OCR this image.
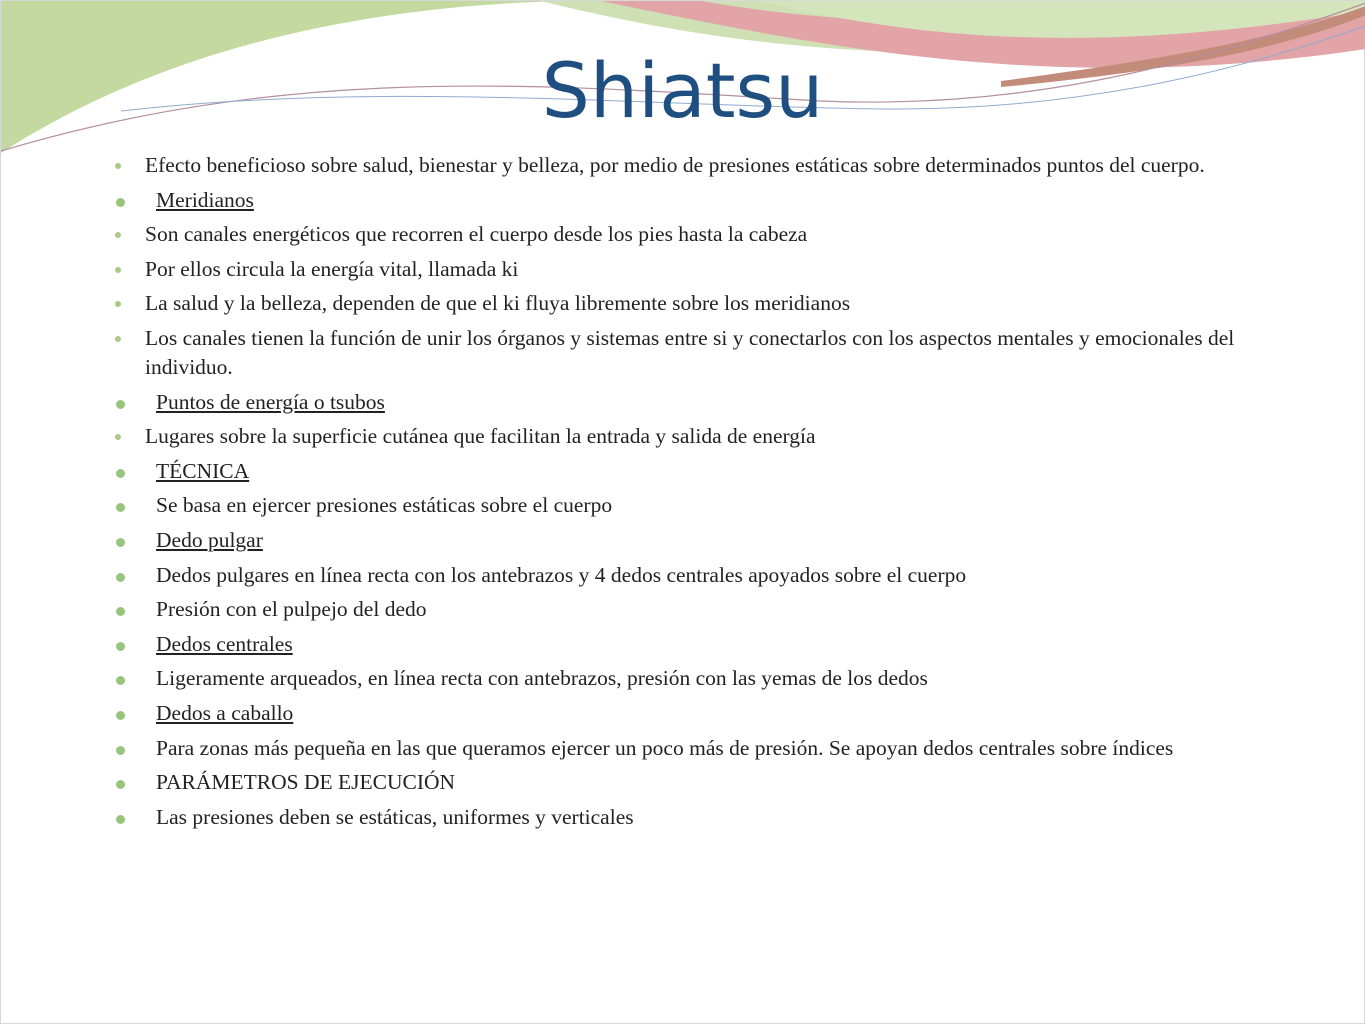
Shiatsu
Efecto beneficioso sobre salud, bienestar y belleza, por medio de presiones estáticas sobre determinados puntos del cuerpo.
Meridianos
Son canales energéticos que recorren el cuerpo desde los pies hasta la cabeza
Por ellos circula la energía vital, llamada ki
La salud y la belleza, dependen de que el ki fluya libremente sobre los meridianos
Los canales tienen la función de unir los órganos y sistemas entre si y conectarlos con los aspectos mentales y emocionales del individuo.
Puntos de energía o tsubos
Lugares sobre la superficie cutánea que facilitan la entrada y salida de energía
TÉCNICA
Se basa en ejercer presiones estáticas sobre el cuerpo
Dedo pulgar
Dedos pulgares en línea recta con los antebrazos y 4 dedos centrales apoyados sobre el cuerpo
Presión con el pulpejo del dedo
Dedos centrales
Ligeramente arqueados, en línea recta con antebrazos, presión con las yemas de los dedos
Dedos a caballo
Para zonas más pequeña en las que queramos ejercer un poco más de presión. Se apoyan dedos centrales sobre índices
PARÁMETROS DE EJECUCIÓN
Las presiones deben se estáticas, uniformes y verticales
